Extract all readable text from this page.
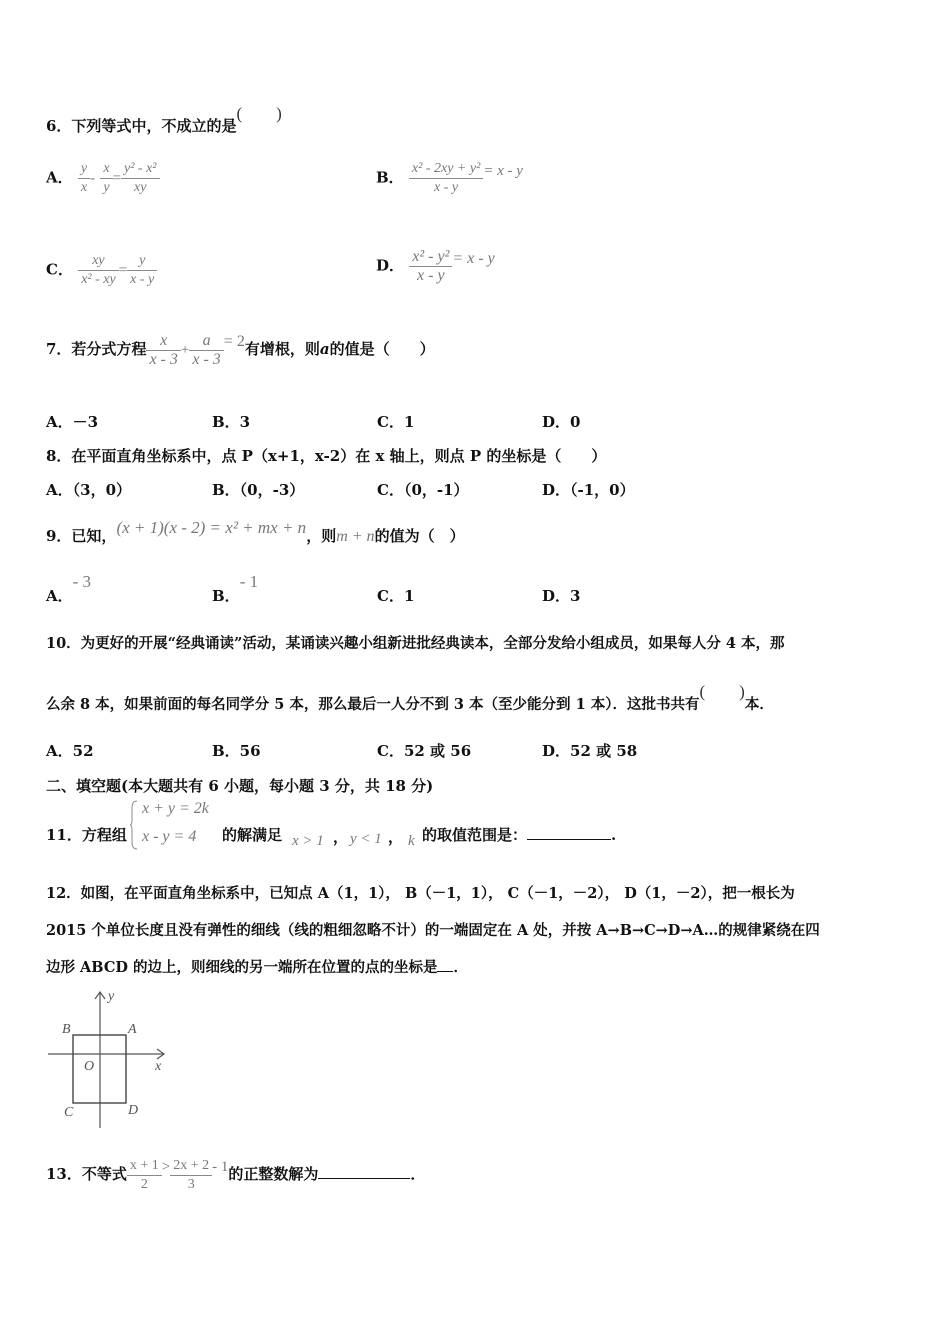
6．下列等式中，不成立的是(　　)
A． $\frac{y}{x} - \frac{x}{y} = \frac{\text{y² - x²}}{xy}$	B． $\frac{\text{x² - 2xy + y²}}{x - y} = x - y$
C． $\frac{xy}{\text{x² - xy}} = \frac{y}{x - y}$	D． $\frac{\text{x² - y²}}{x - y} = x - y$
7．若分式方程 $\frac{x}{x - 3} + \frac{a}{x - 3} = 2$有增根，则a的值是（　　）
A．－3	B．3	C．1	D．0
8．在平面直角坐标系中，点 P（x+1，x-2）在 x 轴上，则点 P 的坐标是（　　）
A．（3，0）	B．（0，-3）	C．（0，-1）	D．（-1，0）
9．已知，(x + 1)(x - 2) = x² + mx + n，则m + n的值为（　）
A．- 3
B．- 1
C．1	D．3
10．为更好的开展“经典诵读”活动，某诵读兴趣小组新进批经典读本，全部分发给小组成员，如果每人分 4 本，那
么余 8 本，如果前面的每名同学分 5 本，那么最后一人分不到 3 本（至少能分到 1 本）．这批书共有(　　)本．
A．52	B．56	C．52 或 56	D．52 或 58
二、填空题(本大题共有 6 小题，每小题 3 分，共 18 分)
11．方程组
x + y = 2k
x - y = 4 的解满足 x > 1 ， y < 1 ， k 的取值范围是：	.
12．如图，在平面直角坐标系中，已知点 A（1，1）， B（－1，1）， C（－1，－2）， D（1，－2），把一根长为
2015 个单位长度且没有弹性的细线（线的粗细忽略不计）的一端固定在 A 处，并按 A→B→C→D→A…的规律紧绕在四
边形 ABCD 的边上，则细线的另一端所在位置的点的坐标是 ．
y
x
O
A
B
C	D
13．不等式 $\frac{x + 1}{2} > \frac{2x + 2}{3} - 1$的正整数解为	．
